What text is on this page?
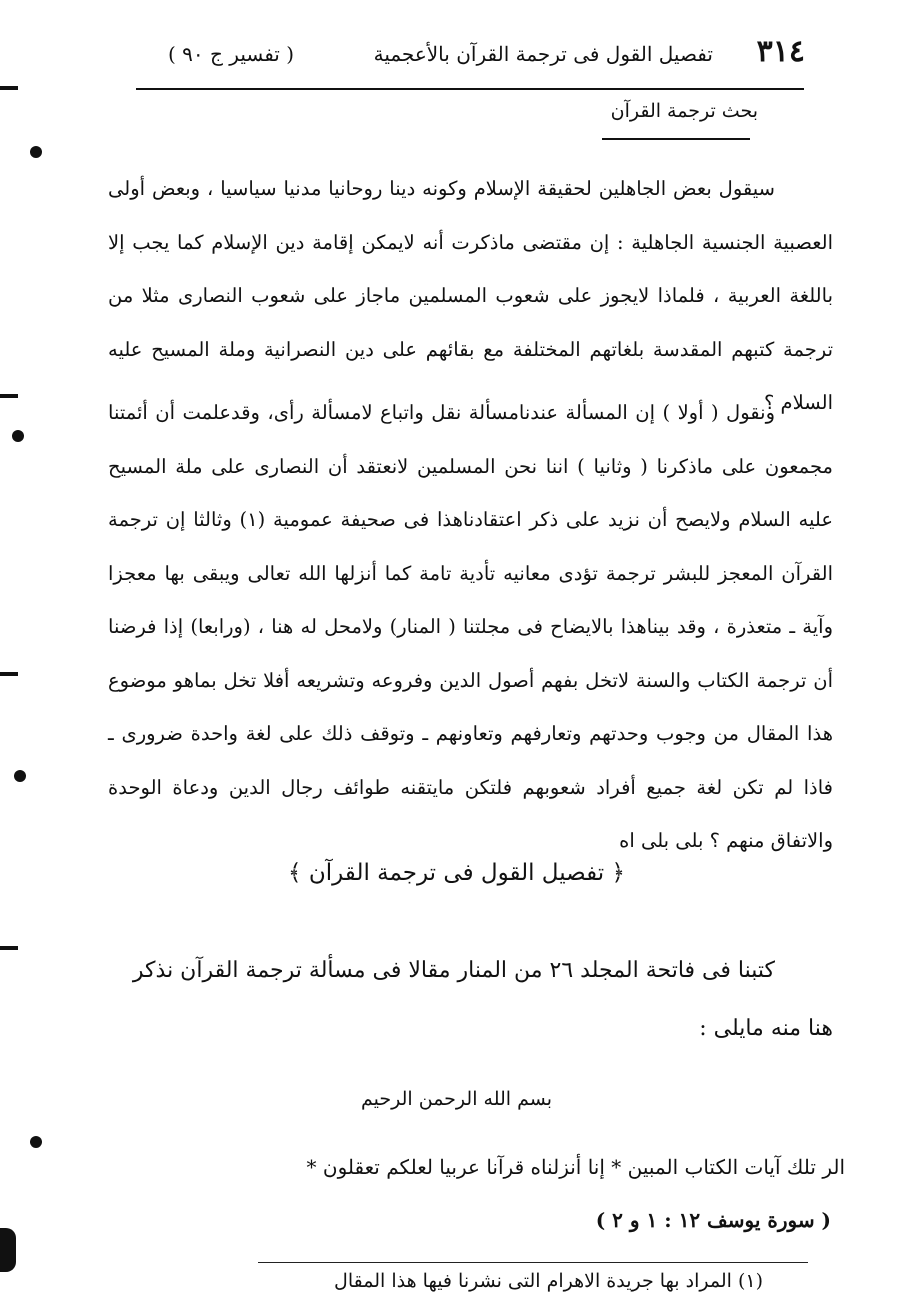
٣١٤
تفصيل القول فى ترجمة القرآن بالأعجمية
( تفسير ج ٩٠ )
بحث ترجمة القرآن
سيقول بعض الجاهلين لحقيقة الإسلام وكونه دينا روحانيا مدنيا سياسيا ، وبعض أولى العصبية الجنسية الجاهلية : إن مقتضى ماذكرت أنه لايمكن إقامة دين الإسلام كما يجب إلا باللغة العربية ، فلماذا لايجوز على شعوب المسلمين ماجاز على شعوب النصارى مثلا من ترجمة كتبهم المقدسة بلغاتهم المختلفة مع بقائهم على دين النصرانية وملة المسيح عليه السلام ؟
ونقول ( أولا ) إن المسألة عندنامسألة نقل واتباع لامسألة رأى، وقدعلمت أن أئمتنا مجمعون على ماذكرنا ( وثانيا ) اننا نحن المسلمين لانعتقد أن النصارى على ملة المسيح عليه السلام ولايصح أن نزيد على ذكر اعتقادناهذا فى صحيفة عمومية (١) وثالثا إن ترجمة القرآن المعجز للبشر ترجمة تؤدى معانيه تأدية تامة كما أنزلها الله تعالى ويبقى بها معجزا وآية ـ متعذرة ، وقد بيناهذا بالايضاح فى مجلتنا ( المنار) ولامحل له هنا ، (ورابعا) إذا فرضنا أن ترجمة الكتاب والسنة لاتخل بفهم أصول الدين وفروعه وتشريعه أفلا تخل بماهو موضوع هذا المقال من وجوب وحدتهم وتعارفهم وتعاونهم ـ وتوقف ذلك على لغة واحدة ضرورى ـ فاذا لم تكن لغة جميع أفراد شعوبهم فلتكن مايتقنه طوائف رجال الدين ودعاة الوحدة والاتفاق منهم ؟ بلى بلى اه
﴿ تفصيل القول فى ترجمة القرآن ﴾
كتبنا فى فاتحة المجلد ٢٦ من المنار مقالا فى مسألة ترجمة القرآن نذكر هنا منه مايلى :
بسم الله الرحمن الرحيم
الر تلك آيات الكتاب المبين * إنا أنزلناه قرآنا عربيا لعلكم تعقلون *
( سورة يوسف ١٢ : ١ و ٢ )
(١) المراد بها جريدة الاهرام التى نشرنا فيها هذا المقال
